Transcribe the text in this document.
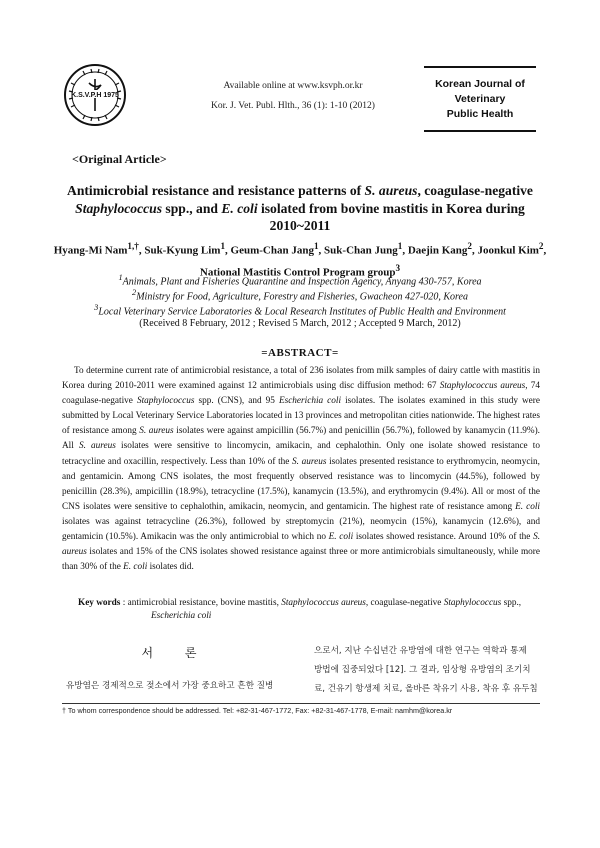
K.S.V.P.H 1975
Available online at www.ksvph.or.kr
Kor. J. Vet. Publ. Hlth., 36 (1): 1-10 (2012)
Korean Journal of
Veterinary
Public Health
<Original Article>
Antimicrobial resistance and resistance patterns of S. aureus, coagulase-negative Staphylococcus spp., and E. coli isolated from bovine mastitis in Korea during 2010~2011
Hyang-Mi Nam$^{1,\dagger}$, Suk-Kyung Lim$^1$, Geum-Chan Jang$^1$, Suk-Chan Jung$^1$, Daejin Kang$^2$, Joonkul Kim$^2$,
National Mastitis Control Program group$^3$
$^1$Animals, Plant and Fisheries Quarantine and Inspection Agency, Anyang 430-757, Korea
$^2$Ministry for Food, Agriculture, Forestry and Fisheries, Gwacheon 427-020, Korea
$^3$Local Veterinary Service Laboratories & Local Research Institutes of Public Health and Environment
(Received 8 February, 2012 ; Revised 5 March, 2012 ; Accepted 9 March, 2012)
=ABSTRACT=
To determine current rate of antimicrobial resistance, a total of 236 isolates from milk samples of dairy cattle with mastitis in Korea during 2010-2011 were examined against 12 antimicrobials using disc diffusion method: 67 Staphylococcus aureus, 74 coagulase-negative Staphylococcus spp. (CNS), and 95 Escherichia coli isolates. The isolates examined in this study were submitted by Local Veterinary Service Laboratories located in 13 provinces and metropolitan cities nationwide. The highest rates of resistance among S. aureus isolates were against ampicillin (56.7%) and penicillin (56.7%), followed by kanamycin (11.9%). All S. aureus isolates were sensitive to lincomycin, amikacin, and cephalothin. Only one isolate showed resistance to tetracycline and oxacillin, respectively. Less than 10% of the S. aureus isolates presented resistance to erythromycin, neomycin, and gentamicin. Among CNS isolates, the most frequently observed resistance was to lincomycin (44.5%), followed by penicillin (28.3%), ampicillin (18.9%), tetracycline (17.5%), kanamycin (13.5%), and erythromycin (9.4%). All or most of the CNS isolates were sensitive to cephalothin, amikacin, neomycin, and gentamicin. The highest rate of resistance among E. coli isolates was against tetracycline (26.3%), followed by streptomycin (21%), neomycin (15%), kanamycin (12.6%), and gentamicin (10.5%). Amikacin was the only antimicrobial to which no E. coli isolates showed resistance. Around 10% of the S. aureus isolates and 15% of the CNS isolates showed resistance against three or more antimicrobials simultaneously, while more than 30% of the E. coli isolates did.
Key words : antimicrobial resistance, bovine mastitis, Staphylococcus aureus, coagulase-negative Staphylococcus spp.,
Escherichia coli
서 론
유방염은 경제적으로 젖소에서 가장 중요하고 흔한 질병
으로서, 지난 수십년간 유방염에 대한 연구는 역학과 통제
방법에 집중되었다 [12]. 그 결과, 임상형 유방염의 조기치
료, 건유기 항생제 치료, 올바른 착유기 사용, 착유 후 유두침
† To whom correspondence should be addressed. Tel: +82-31-467-1772, Fax: +82-31-467-1778, E-mail: namhm@korea.kr
